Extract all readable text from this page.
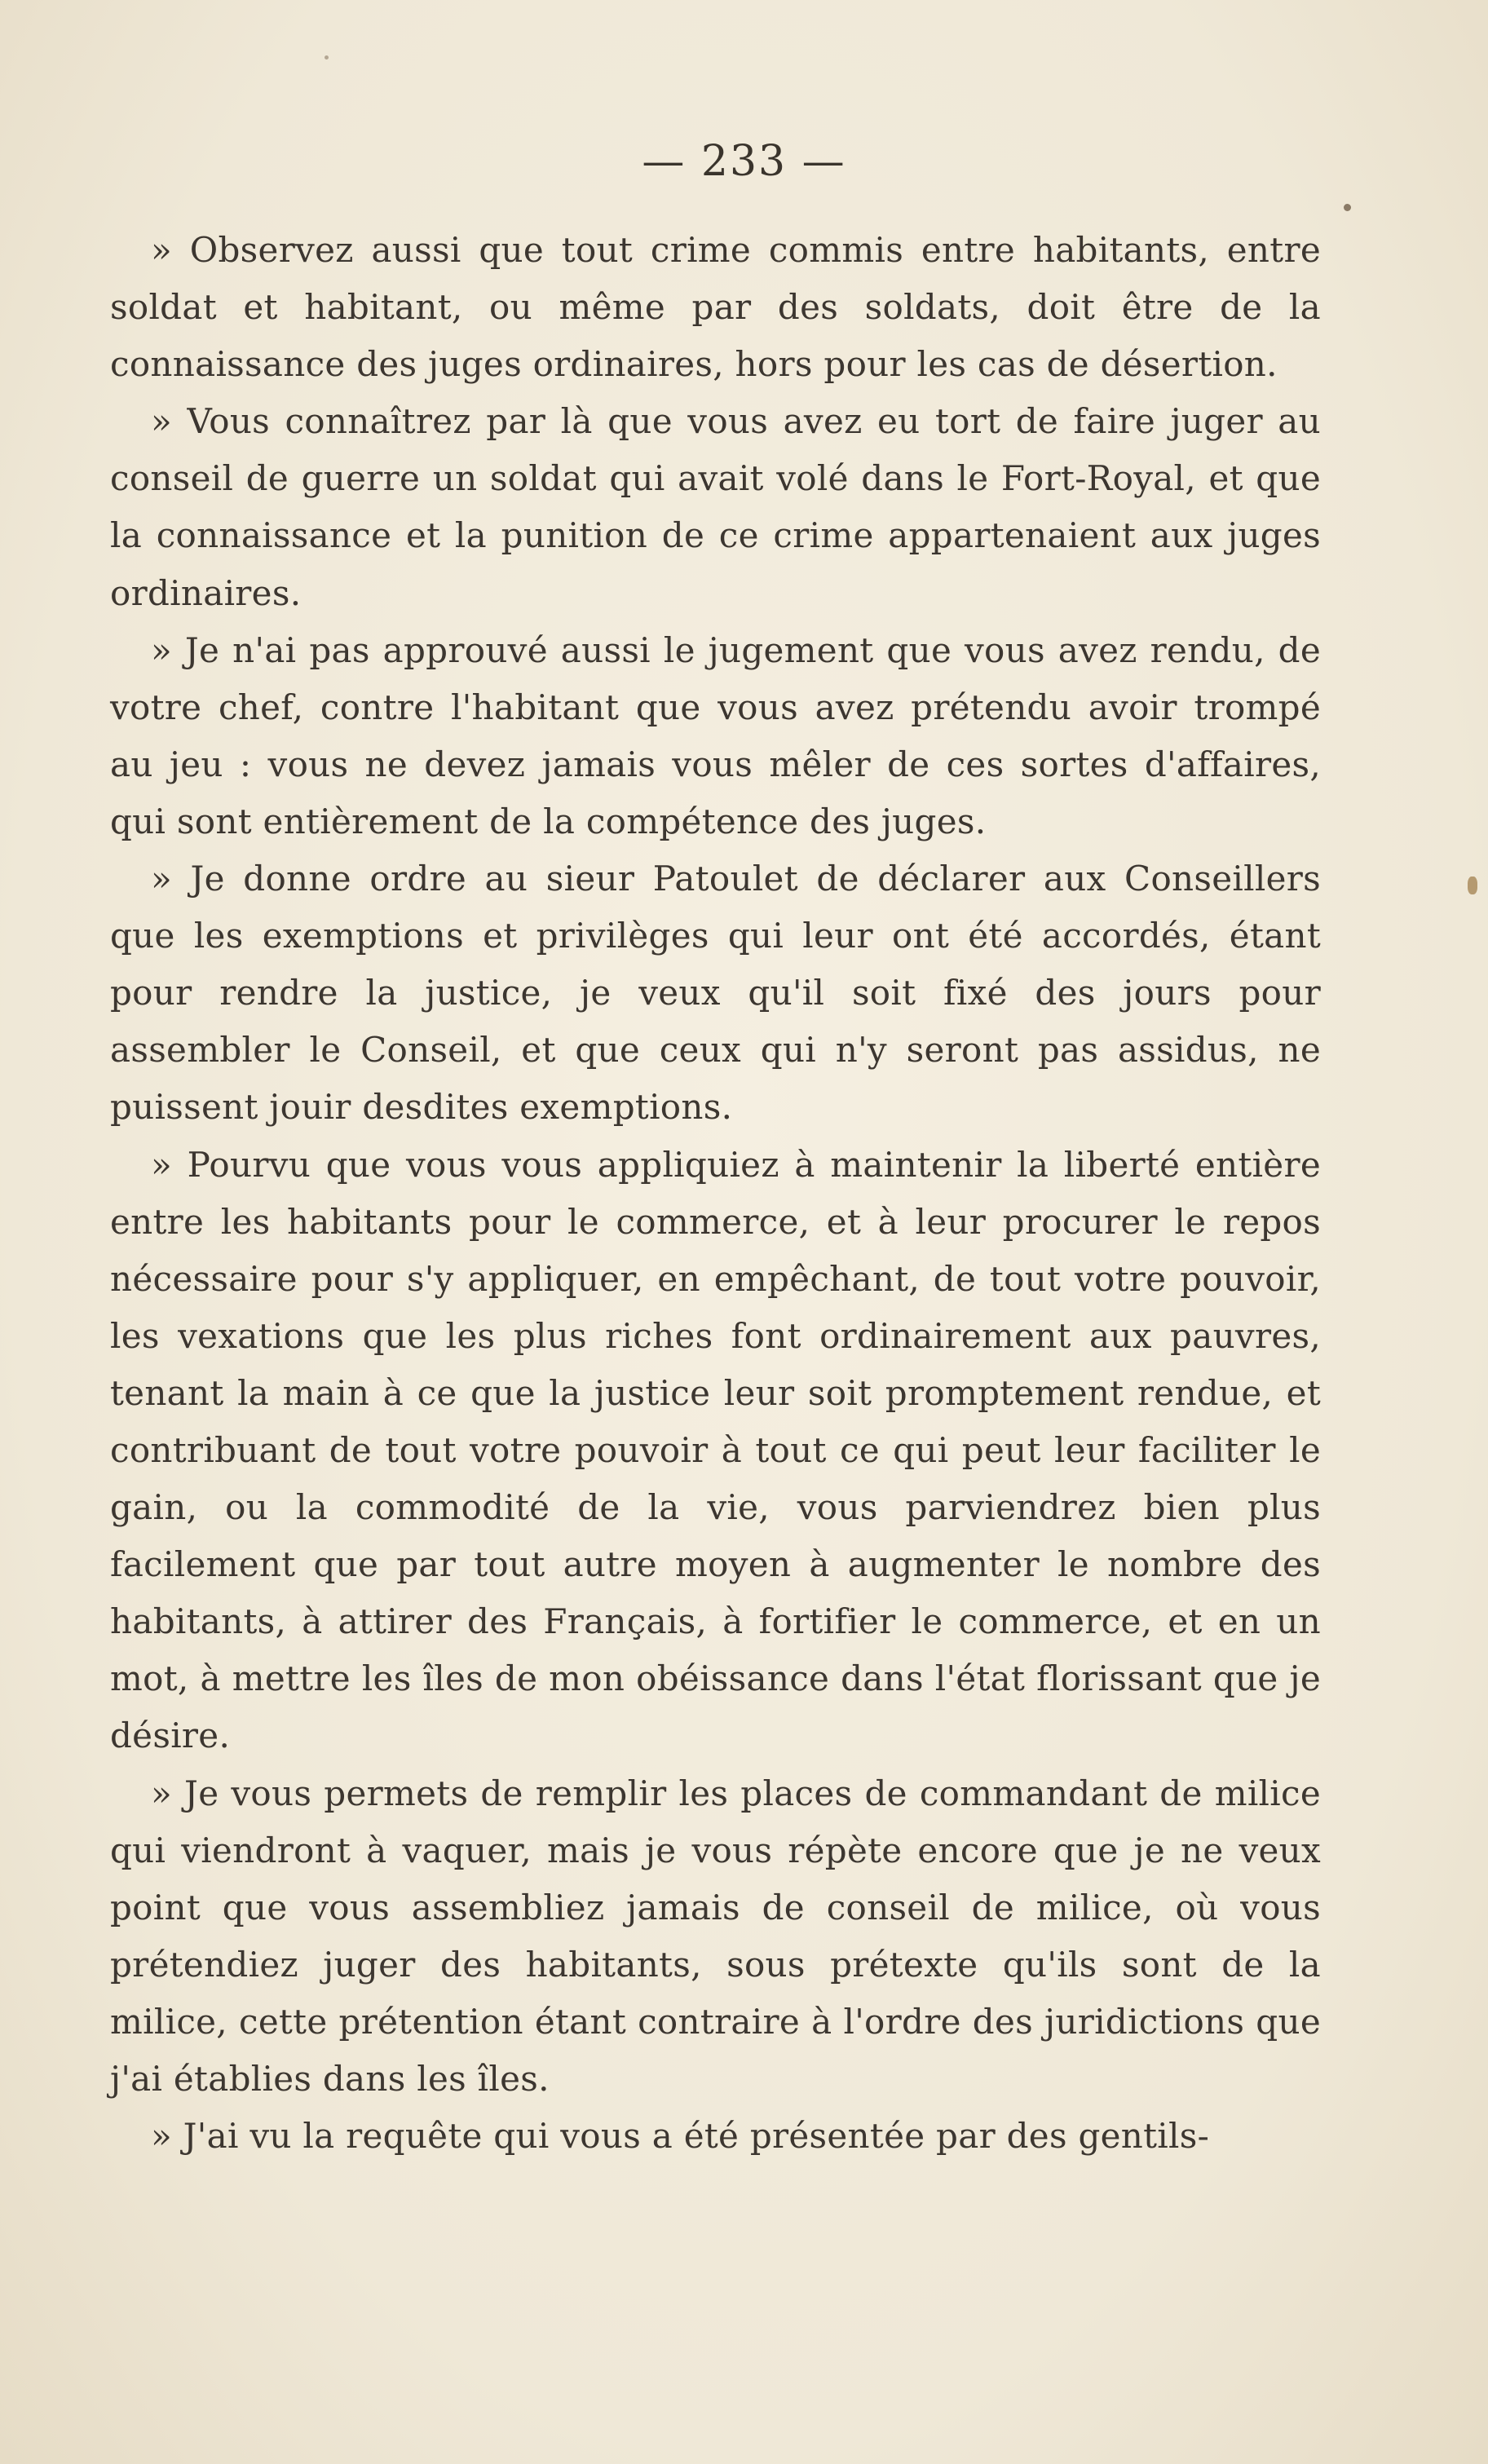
— 233 —

» Observez aussi que tout crime commis entre habitants, entre soldat et habitant, ou même par des soldats, doit être de la connaissance des juges ordinaires, hors pour les cas de désertion.

» Vous connaîtrez par là que vous avez eu tort de faire juger au conseil de guerre un soldat qui avait volé dans le Fort-Royal, et que la connaissance et la punition de ce crime appartenaient aux juges ordinaires.

» Je n'ai pas approuvé aussi le jugement que vous avez rendu, de votre chef, contre l'habitant que vous avez prétendu avoir trompé au jeu : vous ne devez jamais vous mêler de ces sortes d'affaires, qui sont entièrement de la compétence des juges.

» Je donne ordre au sieur Patoulet de déclarer aux Conseillers que les exemptions et privilèges qui leur ont été accordés, étant pour rendre la justice, je veux qu'il soit fixé des jours pour assembler le Conseil, et que ceux qui n'y seront pas assidus, ne puissent jouir desdites exemptions.

» Pourvu que vous vous appliquiez à maintenir la liberté entière entre les habitants pour le commerce, et à leur procurer le repos nécessaire pour s'y appliquer, en empêchant, de tout votre pouvoir, les vexations que les plus riches font ordinairement aux pauvres, tenant la main à ce que la justice leur soit promptement rendue, et contribuant de tout votre pouvoir à tout ce qui peut leur faciliter le gain, ou la commodité de la vie, vous parviendrez bien plus facilement que par tout autre moyen à augmenter le nombre des habitants, à attirer des Français, à fortifier le commerce, et en un mot, à mettre les îles de mon obéissance dans l'état florissant que je désire.

» Je vous permets de remplir les places de commandant de milice qui viendront à vaquer, mais je vous répète encore que je ne veux point que vous assembliez jamais de conseil de milice, où vous prétendiez juger des habitants, sous prétexte qu'ils sont de la milice, cette prétention étant contraire à l'ordre des juridictions que j'ai établies dans les îles.

» J'ai vu la requête qui vous a été présentée par des gentils-
